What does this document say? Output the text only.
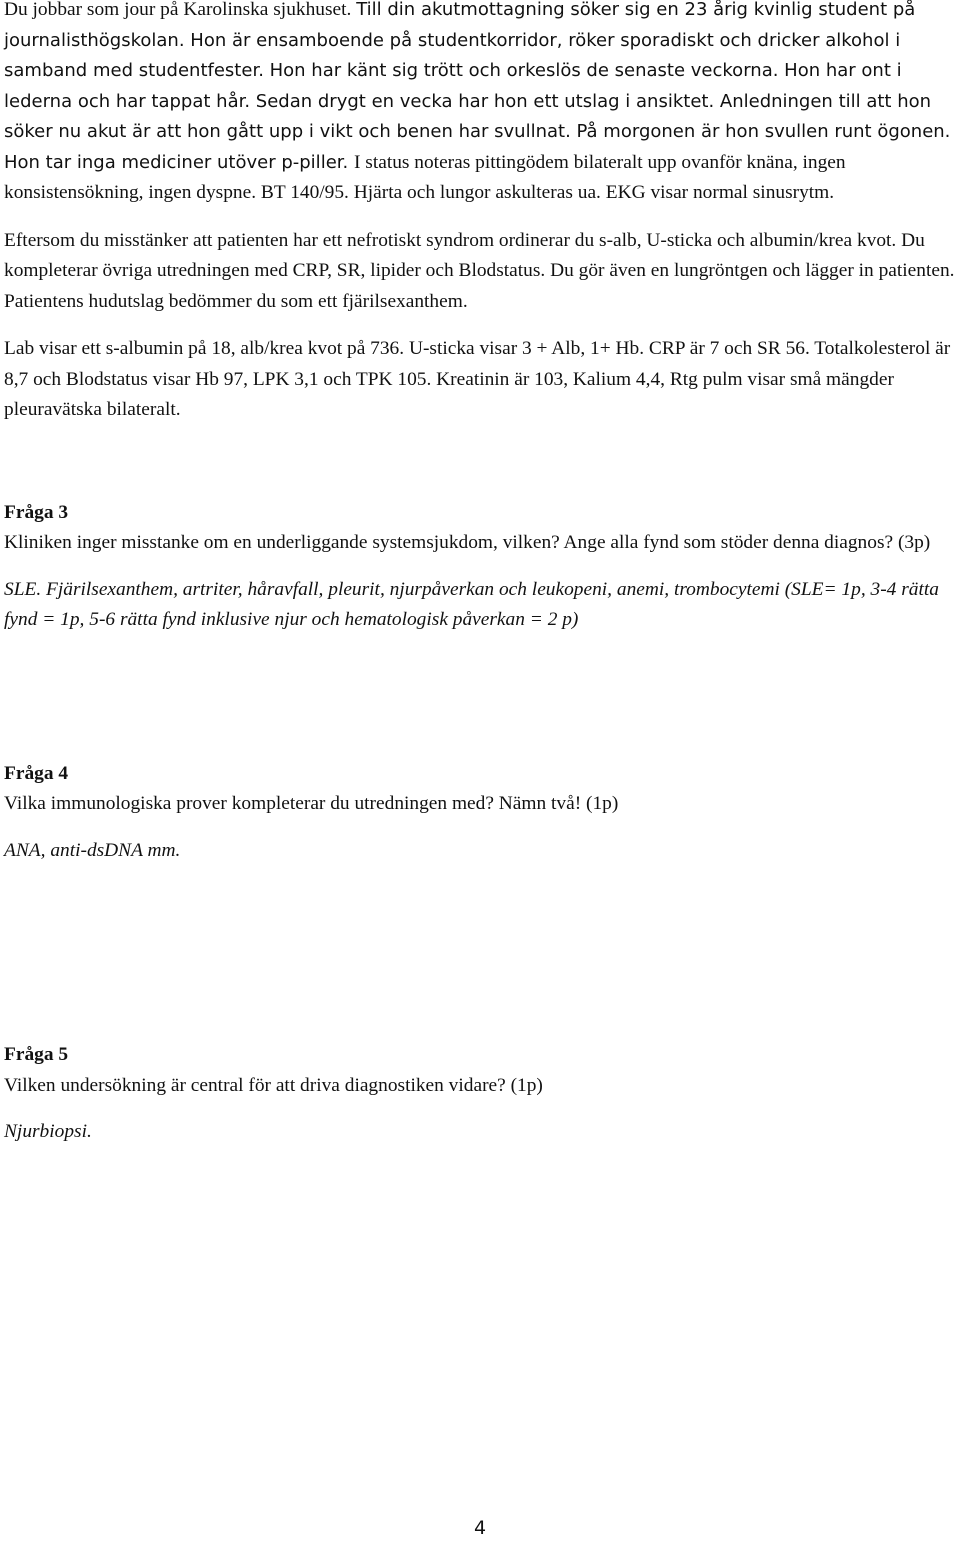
Du jobbar som jour på Karolinska sjukhuset. Till din akutmottagning söker sig en 23 årig kvinlig student på journalisthögskolan. Hon är ensamboende på studentkorridor, röker sporadiskt och dricker alkohol i samband med studentfester. Hon har känt sig trött och orkeslös de senaste veckorna. Hon har ont i lederna och har tappat hår. Sedan drygt en vecka har hon ett utslag i ansiktet. Anledningen till att hon söker nu akut är att hon gått upp i vikt och benen har svullnat. På morgonen är hon svullen runt ögonen. Hon tar inga mediciner utöver p-piller. I status noteras pittingödem bilateralt upp ovanför knäna, ingen konsistensökning, ingen dyspne. BT 140/95. Hjärta och lungor askulteras ua. EKG visar normal sinusrytm.

Eftersom du misstänker att patienten har ett nefrotiskt syndrom ordinerar du s-alb, U-sticka och albumin/krea kvot. Du kompleterar övriga utredningen med CRP, SR, lipider och Blodstatus. Du gör även en lungröntgen och lägger in patienten. Patientens hudutslag bedömmer du som ett fjärilsexanthem.

Lab visar ett s-albumin på 18, alb/krea kvot på 736. U-sticka visar 3 + Alb, 1+ Hb. CRP är 7 och SR 56. Totalkolesterol är 8,7 och Blodstatus visar Hb 97, LPK 3,1 och TPK 105. Kreatinin är 103, Kalium 4,4, Rtg pulm visar små mängder pleuravätska bilateralt.

Fråga 3

Kliniken inger misstanke om en underliggande systemsjukdom, vilken? Ange alla fynd som stöder denna diagnos? (3p)

SLE. Fjärilsexanthem, artriter, håravfall, pleurit, njurpåverkan och leukopeni, anemi, trombocytemi (SLE= 1p, 3-4 rätta fynd = 1p, 5-6 rätta fynd inklusive njur och hematologisk påverkan = 2 p)

Fråga 4

Vilka immunologiska prover kompleterar du utredningen med? Nämn två! (1p)

ANA, anti-dsDNA mm.

Fråga 5

Vilken undersökning är central för att driva diagnostiken vidare? (1p)

Njurbiopsi.

4
